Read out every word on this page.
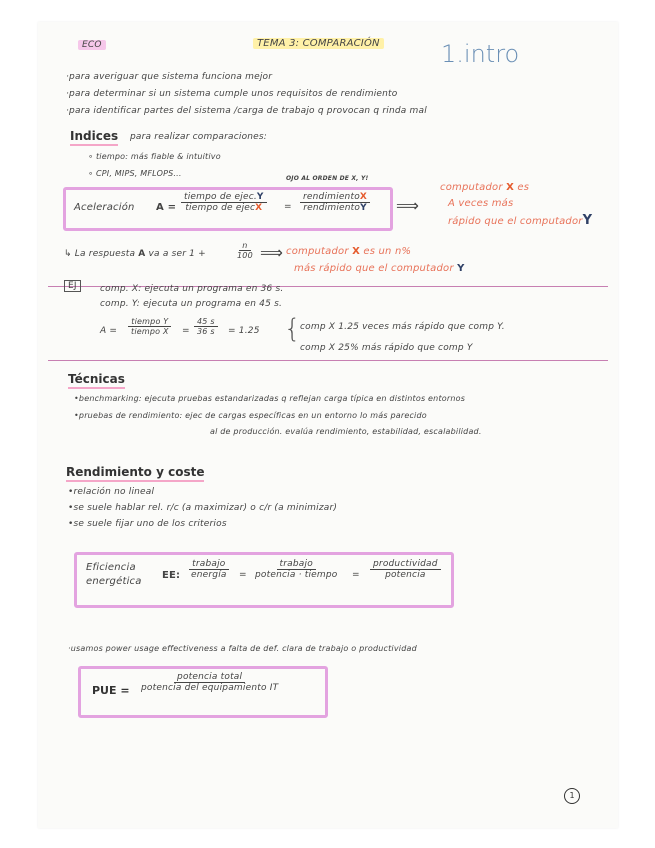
ECO	TEMA 3: COMPARACIÓN	1.intro
·para averiguar que sistema funciona mejor
·para determinar si un sistema cumple unos requisitos de rendimiento
·para identificar partes del sistema /carga de trabajo q provocan q rinda mal
Indices para realizar comparaciones:
∘ tiempo: más fiable & intuitivo
∘ CPI, MIPS, MFLOPS...
OJO AL ORDEN DE X, Y!
Aceleración $A = \frac{\text{tiempo de ejec.Y}}{\text{tiempo de ejecX}} = \frac{\text{rendimientoX}}{\text{rendimientoY}}$ ⟹
computador X es
A veces más
rápido que el computadorY
↳ La respuesta A va a ser 1 +	$\frac{n}{100}$ ⟹ computador X es un n%
más rápido que el computador Y
EJ	comp. X: ejecuta un programa en 36 s.
comp. Y: ejecuta un programa en 45 s.
$A = \frac{\text{tiempo Y}}{\text{tiempo X}} = \frac{45 s}{36 s} = 1.25$ { comp X 1.25 veces más rápido que comp Y.
comp X 25% más rápido que comp Y
Técnicas
•benchmarking: ejecuta pruebas estandarizadas q reflejan carga típica en distintos entornos
•pruebas de rendimiento: ejec de cargas específicas en un entorno lo más parecido
al de producción. evalúa rendimiento, estabilidad, escalabilidad.
Rendimiento y coste
•relación no lineal
•se suele hablar rel. r/c (a maximizar) o c/r (a minimizar)
•se suele fijar uno de los criterios
Eficiencia
energética
EE: $\frac{\text{trabajo}}{\text{energía}} = \frac{\text{trabajo}}{\text{potencia · tiempo}} = \frac{\text{productividad}}{\text{potencia}}$
·usamos power usage effectiveness a falta de def. clara de trabajo o productividad
PUE = $\frac{\text{potencia total}}{\text{potencia del equipamiento IT}}$
1
